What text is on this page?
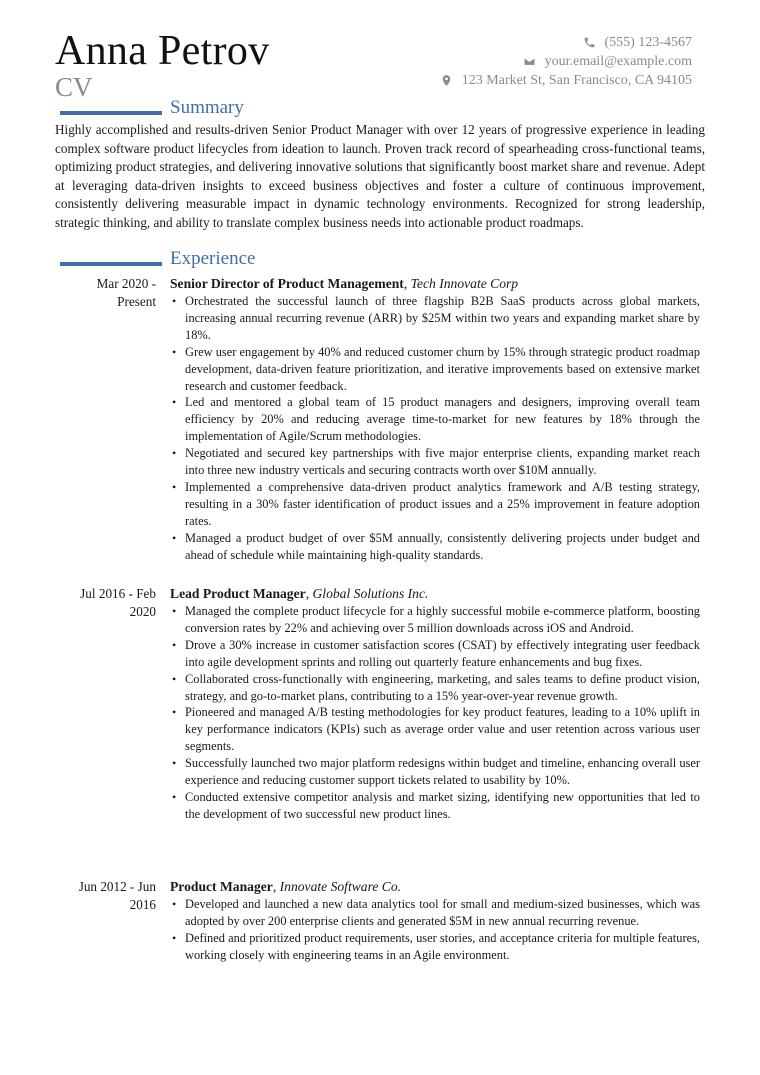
Anna Petrov
CV
(555) 123-4567
your.email@example.com
123 Market St, San Francisco, CA 94105
Summary

Highly accomplished and results-driven Senior Product Manager with over 12 years of progressive experience in leading complex software product lifecycles from ideation to launch. Proven track record of spearheading cross-functional teams, optimizing product strategies, and delivering innovative solutions that significantly boost market share and revenue. Adept at leveraging data-driven insights to exceed business objectives and foster a culture of continuous improvement, consistently delivering measurable impact in dynamic technology environments. Recognized for strong leadership, strategic thinking, and ability to translate complex business needs into actionable product roadmaps.

Experience
Mar 2020 -
Present

Senior Director of Product Management, Tech Innovate Corp

• Orchestrated the successful launch of three flagship B2B SaaS products across global markets, increasing annual recurring revenue (ARR) by $25M within two years and expanding market share by 18%.
• Grew user engagement by 40% and reduced customer churn by 15% through strategic product roadmap development, data-driven feature prioritization, and iterative improvements based on extensive market research and customer feedback.
• Led and mentored a global team of 15 product managers and designers, improving overall team efficiency by 20% and reducing average time-to-market for new features by 18% through the implementation of Agile/Scrum methodologies.
• Negotiated and secured key partnerships with five major enterprise clients, expanding market reach into three new industry verticals and securing contracts worth over $10M annually.
• Implemented a comprehensive data-driven product analytics framework and A/B testing strategy, resulting in a 30% faster identification of product issues and a 25% improvement in feature adoption rates.
• Managed a product budget of over $5M annually, consistently delivering projects under budget and ahead of schedule while maintaining high-quality standards.
Jul 2016 - Feb
2020

Lead Product Manager, Global Solutions Inc.

• Managed the complete product lifecycle for a highly successful mobile e-commerce platform, boosting conversion rates by 22% and achieving over 5 million downloads across iOS and Android.
• Drove a 30% increase in customer satisfaction scores (CSAT) by effectively integrating user feedback into agile development sprints and rolling out quarterly feature enhancements and bug fixes.
• Collaborated cross-functionally with engineering, marketing, and sales teams to define product vision, strategy, and go-to-market plans, contributing to a 15% year-over-year revenue growth.
• Pioneered and managed A/B testing methodologies for key product features, leading to a 10% uplift in key performance indicators (KPIs) such as average order value and user retention across various user segments.
• Successfully launched two major platform redesigns within budget and timeline, enhancing overall user experience and reducing customer support tickets related to usability by 10%.
• Conducted extensive competitor analysis and market sizing, identifying new opportunities that led to the development of two successful new product lines.
Jun 2012 - Jun
2016

Product Manager, Innovate Software Co.

• Developed and launched a new data analytics tool for small and medium-sized businesses, which was adopted by over 200 enterprise clients and generated $5M in new annual recurring revenue.
• Defined and prioritized product requirements, user stories, and acceptance criteria for multiple features, working closely with engineering teams in an Agile environment.
